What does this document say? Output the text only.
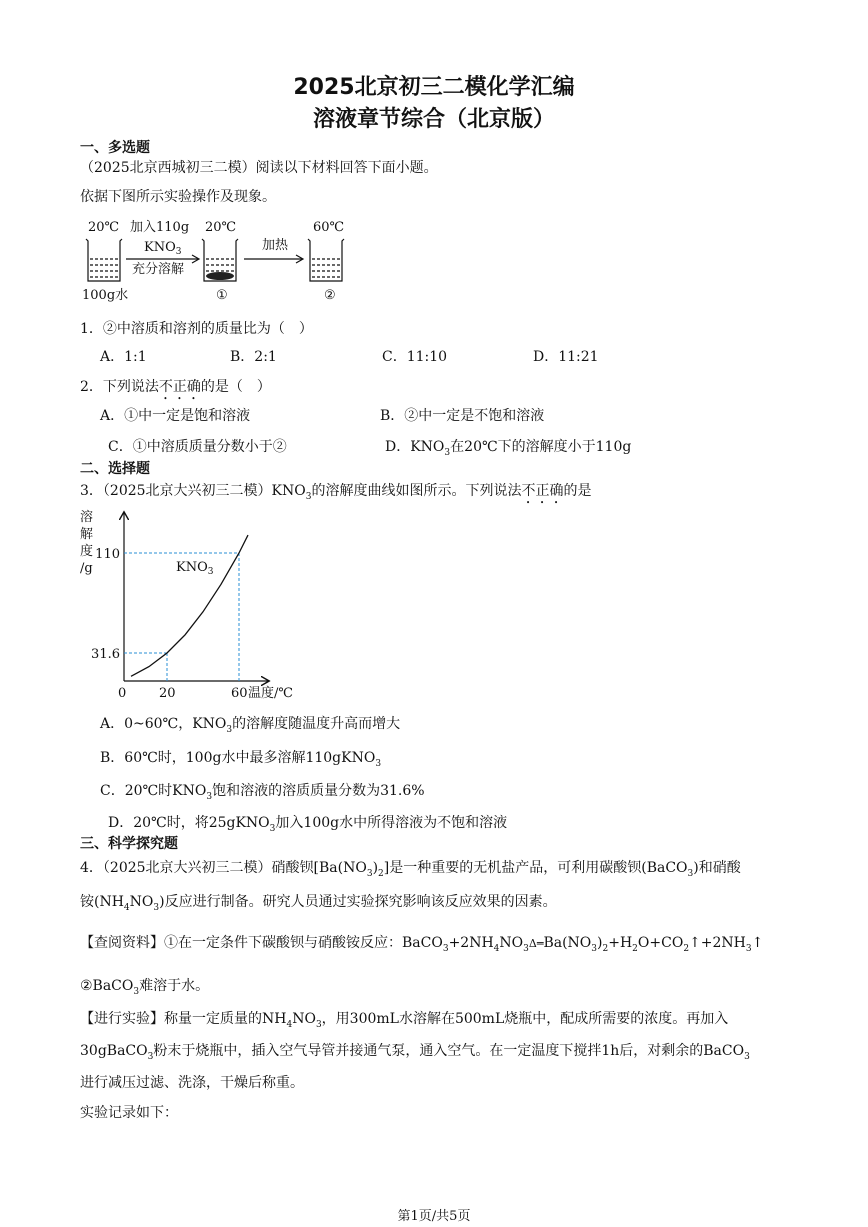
2025北京初三二模化学汇编
溶液章节综合（北京版）
一、多选题
（2025北京西城初三二模）阅读以下材料回答下面小题。
依据下图所示实验操作及现象。
20℃	20℃	60℃
加入110g
$KNO_3$
充分溶解
加热
100g水	①	②
1．②中溶质和溶剂的质量比为（　）
A．1:1	B．2:1	C．11:10	D．11:21
2．下列说法不正确的是（　）
A．①中一定是饱和溶液	B．②中一定是不饱和溶液
C．①中溶质质量分数小于②	D．$KNO_3$在20℃下的溶解度小于110g
二、选择题
3．（2025北京大兴初三二模）$KNO_3$的溶解度曲线如图所示。下列说法不正确的是
溶
解
度
/g
0	20	60
31.6
110
$KNO_3$
温度/℃
A．0~60℃，$KNO_3$的溶解度随温度升高而增大
B．60℃时，100g水中最多溶解110gKNO$_3$
C．20℃时$KNO_3$饱和溶液的溶质质量分数为31.6%
D．20℃时，将25gKNO$_3$加入100g水中所得溶液为不饱和溶液
三、科学探究题
4．（2025北京大兴初三二模）硝酸钡$[Ba(NO_3)_2]$是一种重要的无机盐产品，可利用碳酸钡(BaCO$_3$)和硝酸
铵$(NH_4NO_3)$反应进行制备。研究人员通过实验探究影响该反应效果的因素。
【查阅资料】①在一定条件下碳酸钡与硝酸铵反应：$BaCO_3+2NH_4NO_3\Delta═Ba(NO_3)_2+H_2O+CO_2↑+2NH_3↑$
②BaCO$_3$难溶于水。
【进行实验】称量一定质量的$NH_4NO_3$，用300mL水溶解在500mL烧瓶中，配成所需要的浓度。再加入
30gBaCO$_3$粉末于烧瓶中，插入空气导管并接通气泵，通入空气。在一定温度下搅拌1h后，对剩余的BaCO$_3$
进行减压过滤、洗涤，干燥后称重。
实验记录如下：
第1页/共5页
